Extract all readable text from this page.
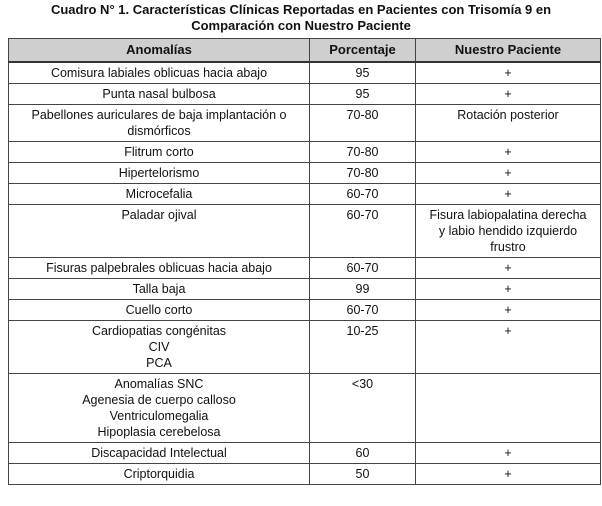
Cuadro N° 1. Características Clínicas Reportadas en Pacientes con Trisomía 9 en
Comparación con Nuestro Paciente
Anomalías	Porcentaje	Nuestro Paciente

Comisura labiales oblicuas hacia abajo	95	+

Punta nasal bulbosa	95	+

Pabellones auriculares de baja implantación o
dismórficos	70-80	Rotación posterior

Flitrum corto	70-80	+

Hipertelorismo	70-80	+

Microcefalia	60-70	+

Paladar ojival	60-70	Fisura labiopalatina derecha
y labio hendido izquierdo
frustro

Fisuras palpebrales oblicuas hacia abajo	60-70	+

Talla baja	99	+

Cuello corto	60-70	+

Cardiopatias congénitas
CIV
PCA	10-25	+

Anomalías SNC
Agenesia de cuerpo calloso
Ventriculomegalia
Hipoplasia cerebelosa	<30	

Discapacidad Intelectual	60	+

Criptorquidia	50	+
